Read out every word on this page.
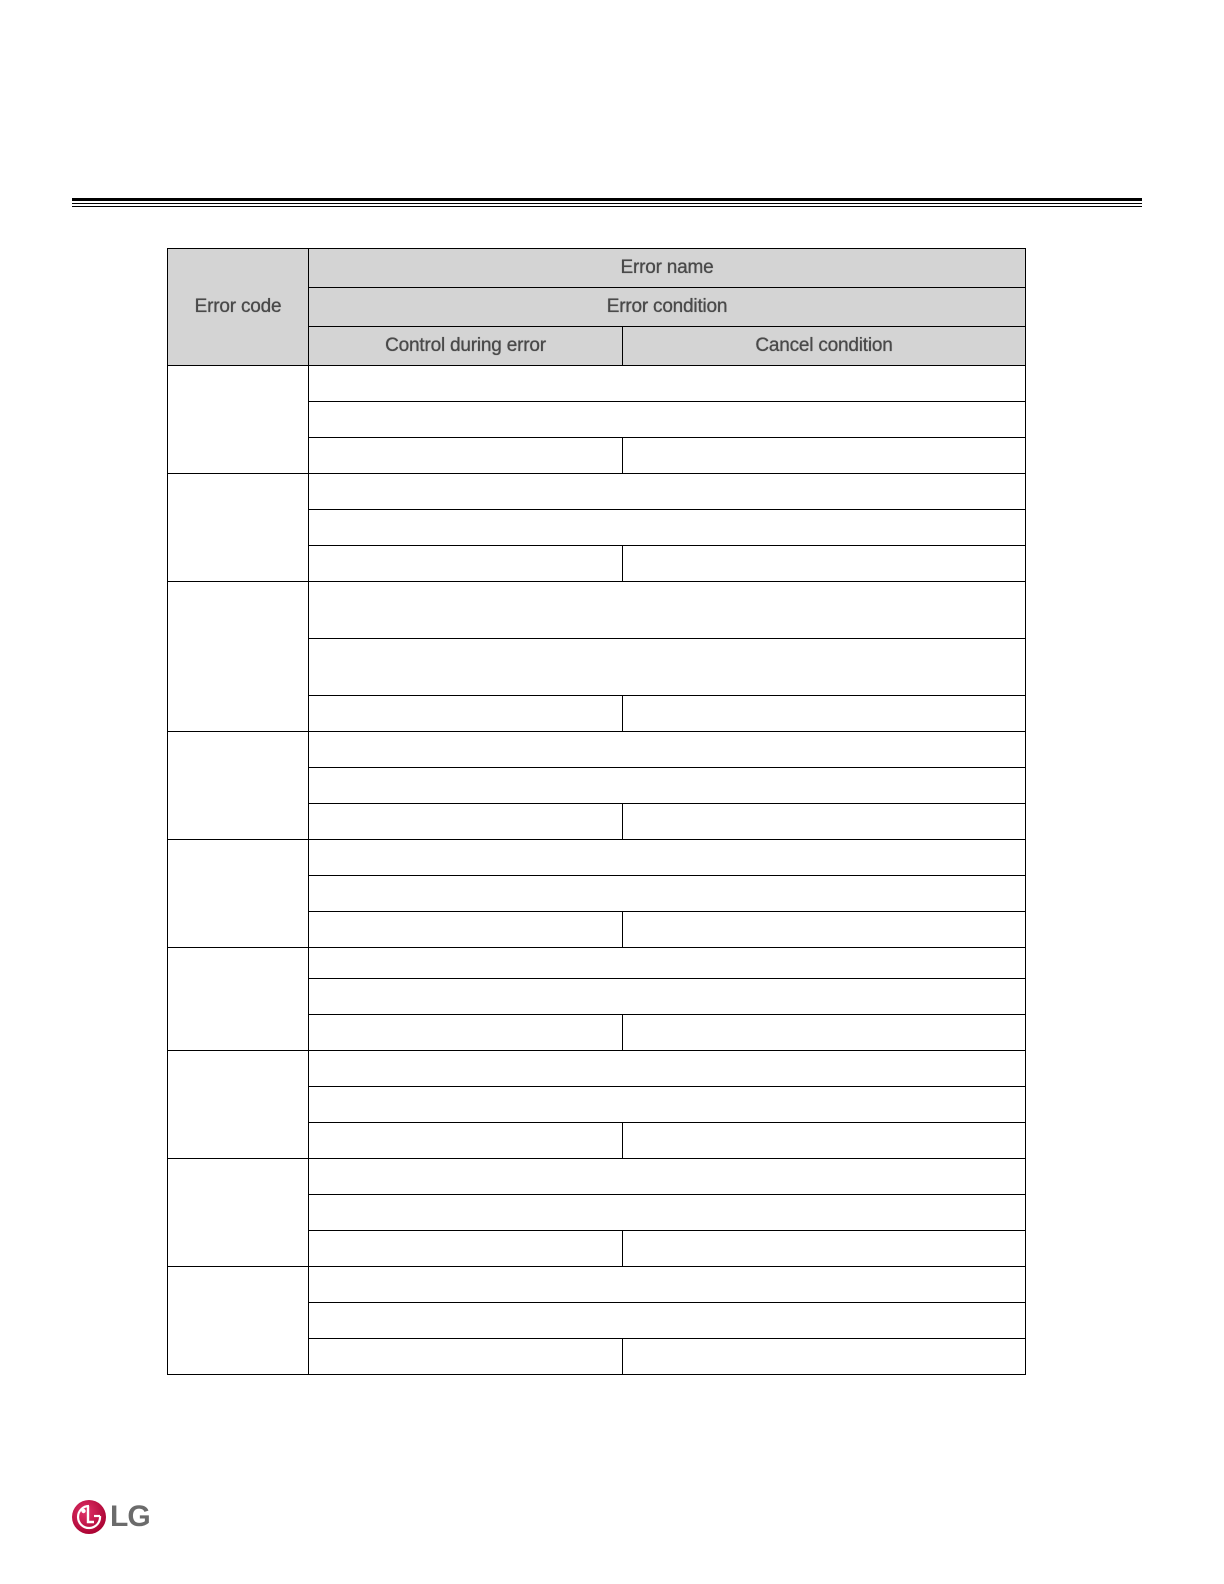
Error code	Error name	
	Error condition	
	Control during error	Cancel condition

LG
